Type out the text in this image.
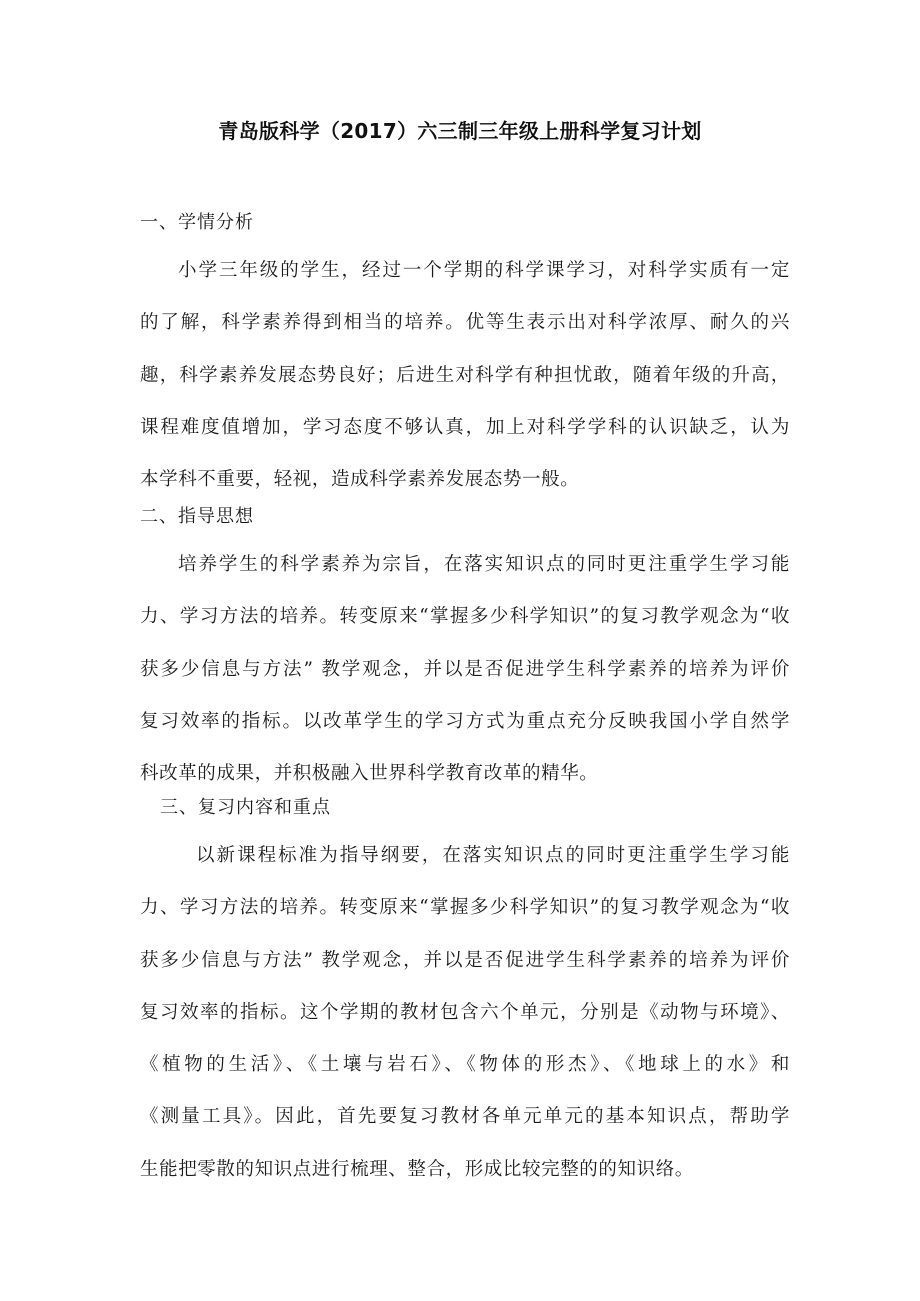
青岛版科学（2017）六三制三年级上册科学复习计划
一、学情分析
小学三年级的学生，经过一个学期的科学课学习，对科学实质有一定
的了解，科学素养得到相当的培养。优等生表示出对科学浓厚、耐久的兴
趣，科学素养发展态势良好；后进生对科学有种担忧敢，随着年级的升高，
课程难度值增加，学习态度不够认真，加上对科学学科的认识缺乏，认为
本学科不重要，轻视，造成科学素养发展态势一般。
二、指导思想
培养学生的科学素养为宗旨，在落实知识点的同时更注重学生学习能
力、学习方法的培养。转变原来“掌握多少科学知识”的复习教学观念为“收
获多少信息与方法” 教学观念，并以是否促进学生科学素养的培养为评价
复习效率的指标。以改革学生的学习方式为重点充分反映我国小学自然学
科改革的成果，并积极融入世界科学教育改革的精华。
三、复习内容和重点
以新课程标准为指导纲要，在落实知识点的同时更注重学生学习能
力、学习方法的培养。转变原来“掌握多少科学知识”的复习教学观念为“收
获多少信息与方法” 教学观念，并以是否促进学生科学素养的培养为评价
复习效率的指标。这个学期的教材包含六个单元，分别是《动物与环境》、
《植物的生活》、《土壤与岩石》、《物体的形杰》、《地球上的水》和
《测量工具》。因此，首先要复习教材各单元单元的基本知识点，帮助学
生能把零散的知识点进行梳理、整合，形成比较完整的的知识络。
